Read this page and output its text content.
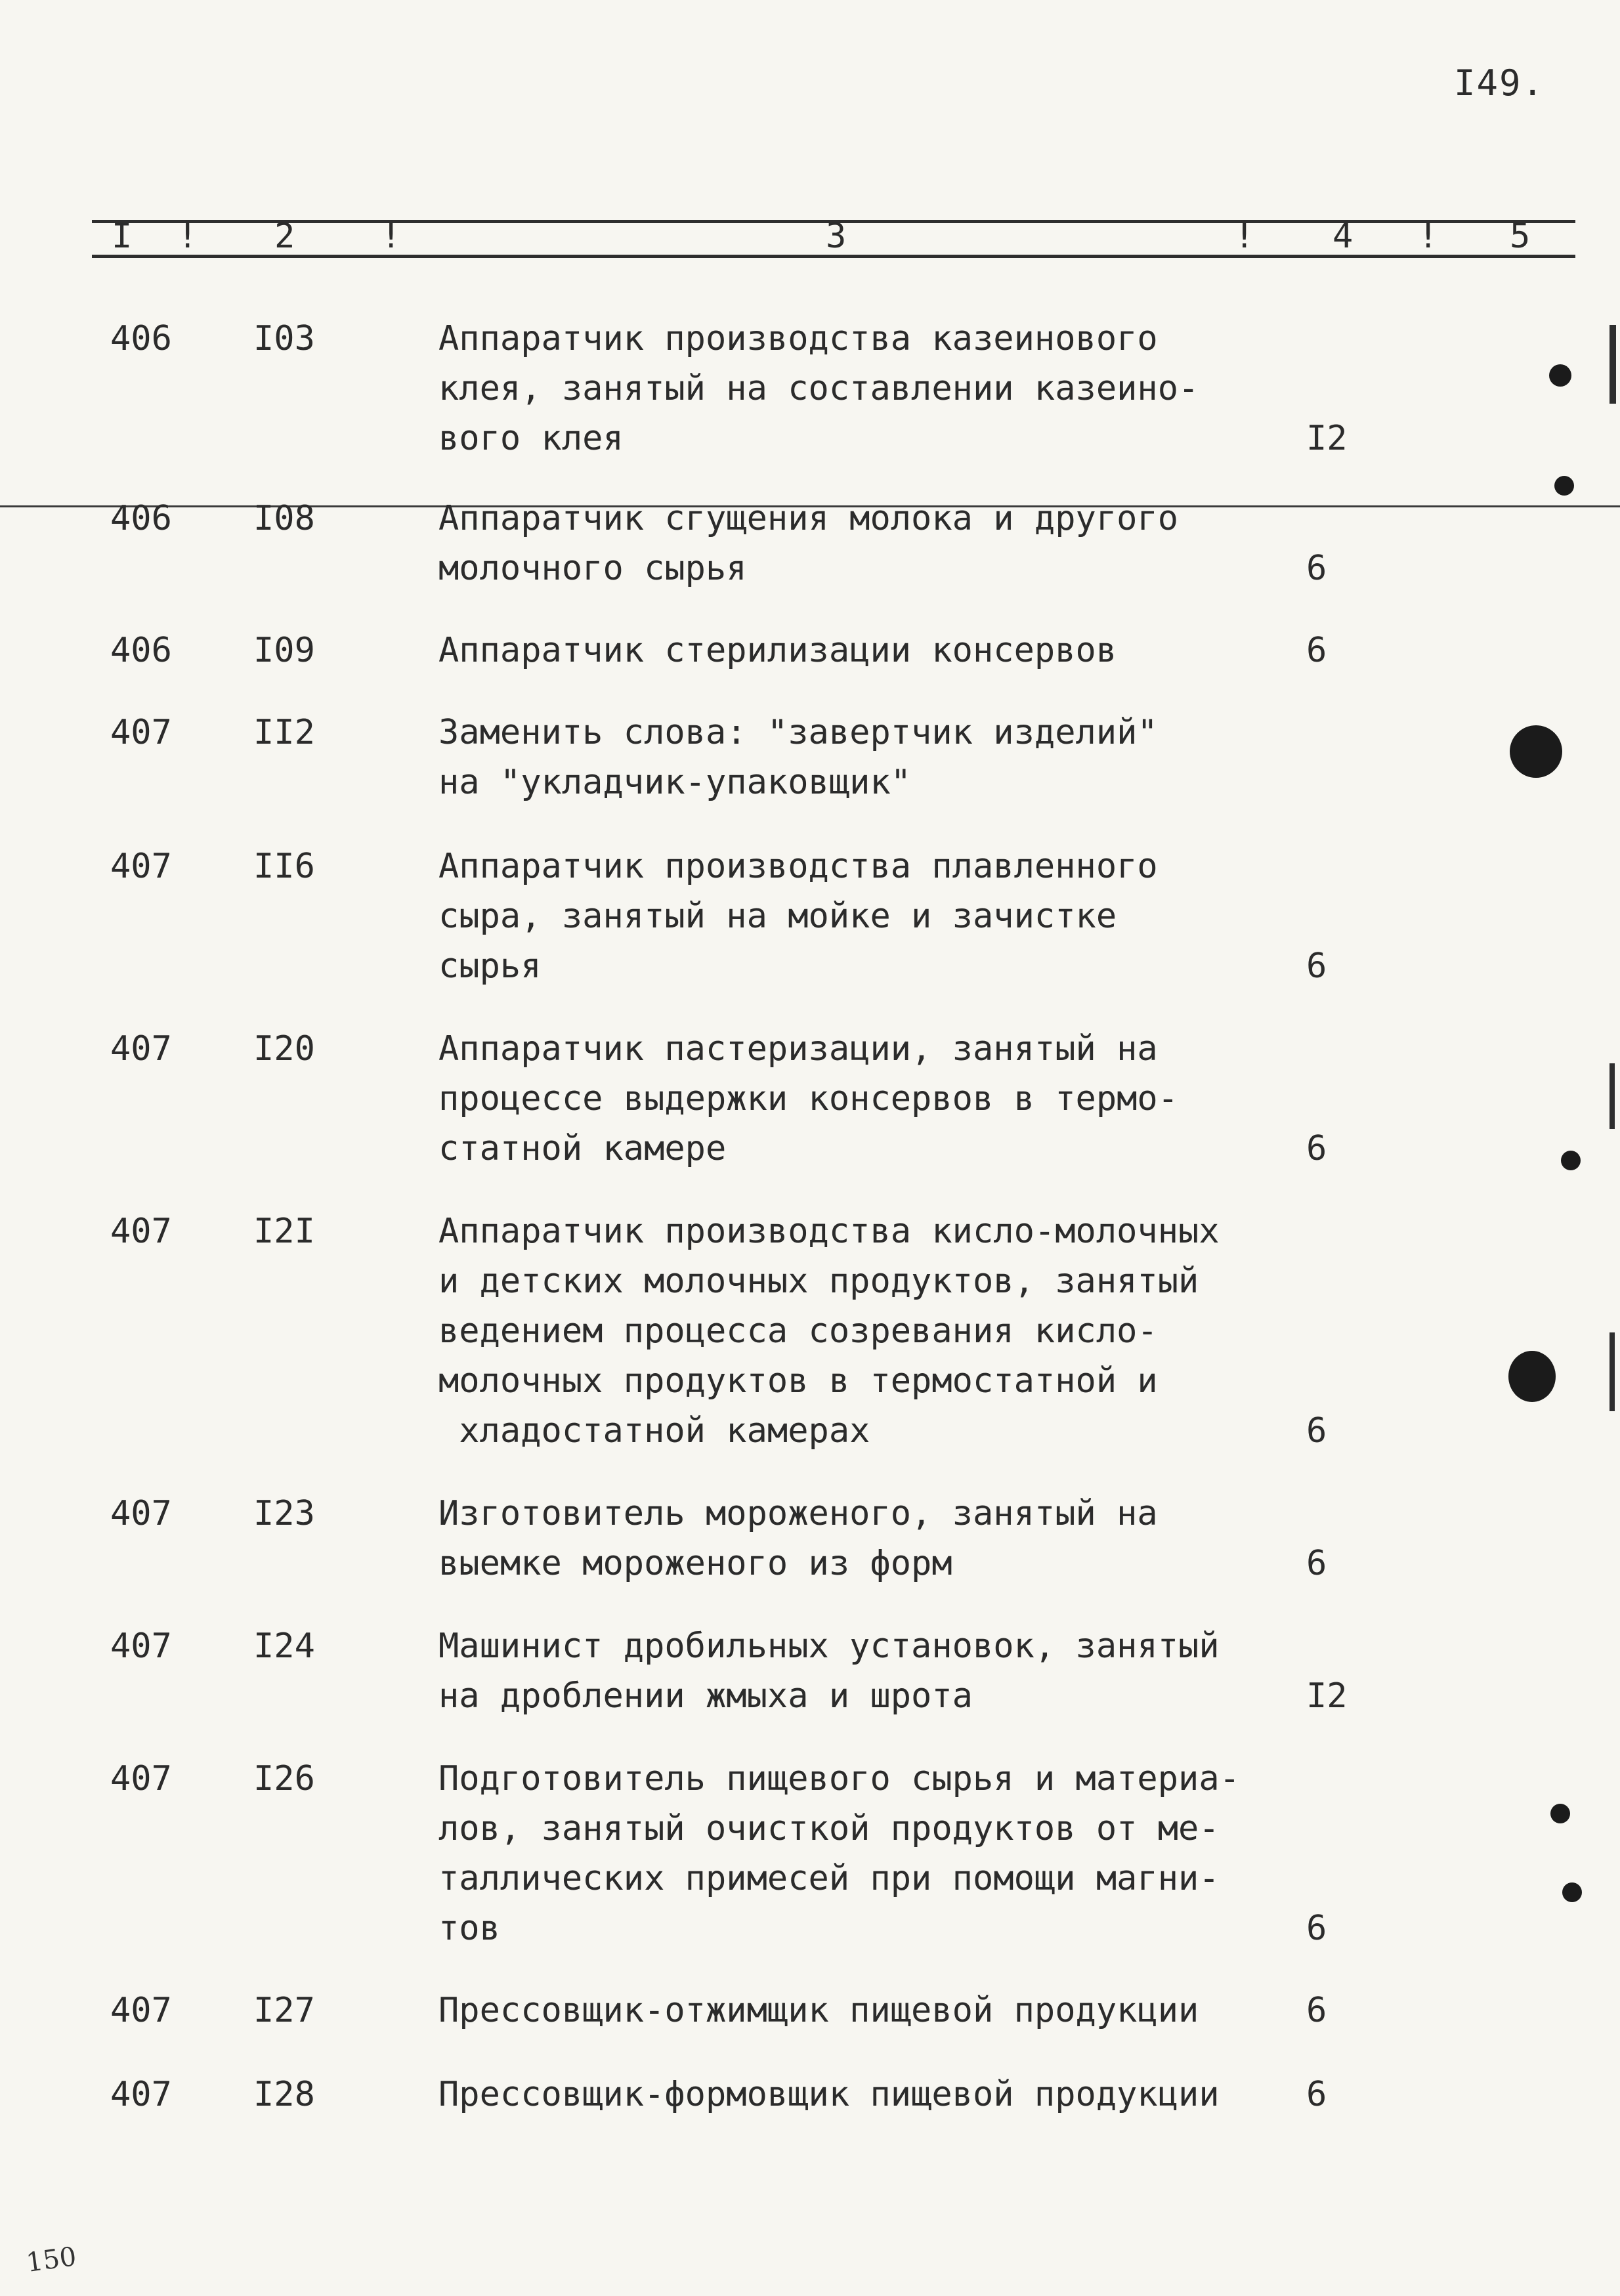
I49.
I ! 2	!	3	! 4 ! 5
406 I03	Аппаратчик производства казеинового
клея, занятый на составлении казеино-
вого клея	I2
406 I08	Аппаратчик сгущения молока и другого
молочного сырья	6
406 I09	Аппаратчик стерилизации консервов	6
407 II2	Заменить слова: "завертчик изделий"
на "укладчик-упаковщик"
407 II6	Аппаратчик производства плавленного
сыра, занятый на мойке и зачистке
сырья	6
407 I20	Аппаратчик пастеризации, занятый на
процессе выдержки консервов в термо-
статной камере	6
407 I2I	Аппаратчик производства кисло-молочных
и детских молочных продуктов, занятый
ведением процесса созревания кисло-
молочных продуктов в термостатной и
хладостатной камерах	6
407 I23	Изготовитель мороженого, занятый на
выемке мороженого из форм	6
407 I24	Машинист дробильных установок, занятый
на дроблении жмыха и шрота	I2
407 I26	Подготовитель пищевого сырья и материа-
лов, занятый очисткой продуктов от ме-
таллических примесей при помощи магни-
тов	6
407 I27	Прессовщик-отжимщик пищевой продукции	6
407 I28	Прессовщик-формовщик пищевой продукции	6
150
